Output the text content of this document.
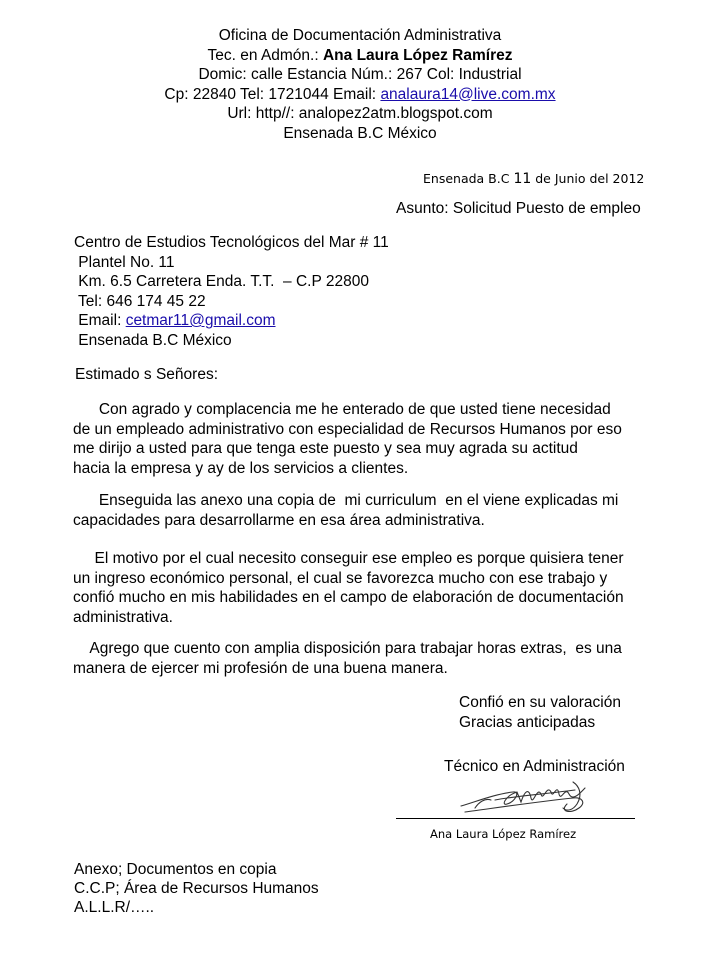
Oficina de Documentación Administrativa
Tec. en Admón.: Ana Laura López Ramírez
Domic: calle Estancia Núm.: 267 Col: Industrial
Cp: 22840 Tel: 1721044 Email: analaura14@live.com.mx
Url: http//: analopez2atm.blogspot.com
Ensenada B.C México
Ensenada B.C 11 de Junio del 2012
Asunto: Solicitud Puesto de empleo
Centro de Estudios Tecnológicos del Mar # 11
Plantel No. 11
Km. 6.5 Carretera Enda. T.T.  – C.P 22800
Tel: 646 174 45 22
Email: cetmar11@gmail.com
Ensenada B.C México
Estimado s Señores:
Con agrado y complacencia me he enterado de que usted tiene necesidad
de un empleado administrativo con especialidad de Recursos Humanos por eso
me dirijo a usted para que tenga este puesto y sea muy agrada su actitud
hacia la empresa y ay de los servicios a clientes.
Enseguida las anexo una copia de  mi curriculum  en el viene explicadas mi
capacidades para desarrollarme en esa área administrativa.
El motivo por el cual necesito conseguir ese empleo es porque quisiera tener
un ingreso económico personal, el cual se favorezca mucho con ese trabajo y
confió mucho en mis habilidades en el campo de elaboración de documentación
administrativa.
Agrego que cuento con amplia disposición para trabajar horas extras,  es una
manera de ejercer mi profesión de una buena manera.
Confió en su valoración
Gracias anticipadas
Técnico en Administración
Ana Laura López Ramírez
Anexo; Documentos en copia
C.C.P; Área de Recursos Humanos
A.L.L.R/…..
